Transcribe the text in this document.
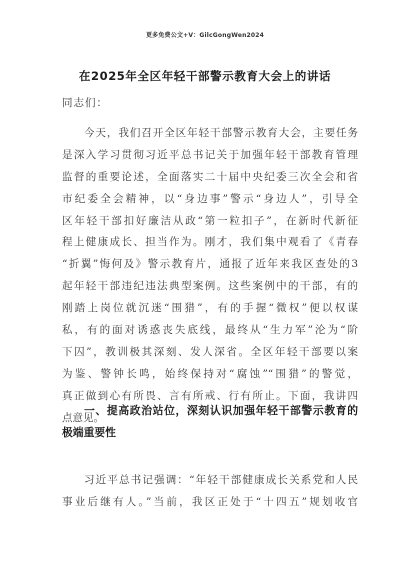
更多免费公文+V：GilcGongWen2024
在2025年全区年轻干部警示教育大会上的讲话
同志们：
今天，我们召开全区年轻干部警示教育大会，主要任务
是深入学习贯彻习近平总书记关于加强年轻干部教育管理
监督的重要论述，全面落实二十届中央纪委三次全会和省
市纪委全会精神，以“身边事”警示“身边人”，引导全
区年轻干部扣好廉洁从政“第一粒扣子”，在新时代新征
程上健康成长、担当作为。刚才，我们集中观看了《青春
“折翼”悔何及》警示教育片，通报了近年来我区查处的3
起年轻干部违纪违法典型案例。这些案例中的干部，有的
刚踏上岗位就沉迷“围猎”，有的手握“微权”便以权谋
私，有的面对诱惑丧失底线，最终从“生力军”沦为“阶
下囚”，教训极其深刻、发人深省。全区年轻干部要以案
为鉴、警钟长鸣，始终保持对“腐蚀”“围猎”的警觉，
真正做到心有所畏、言有所戒、行有所止。下面，我讲四
点意见。
一、提高政治站位，深刻认识加强年轻干部警示教育的
极端重要性
习近平总书记强调：“年轻干部健康成长关系党和人民
事业后继有人。”当前，我区正处于“十四五”规划收官
